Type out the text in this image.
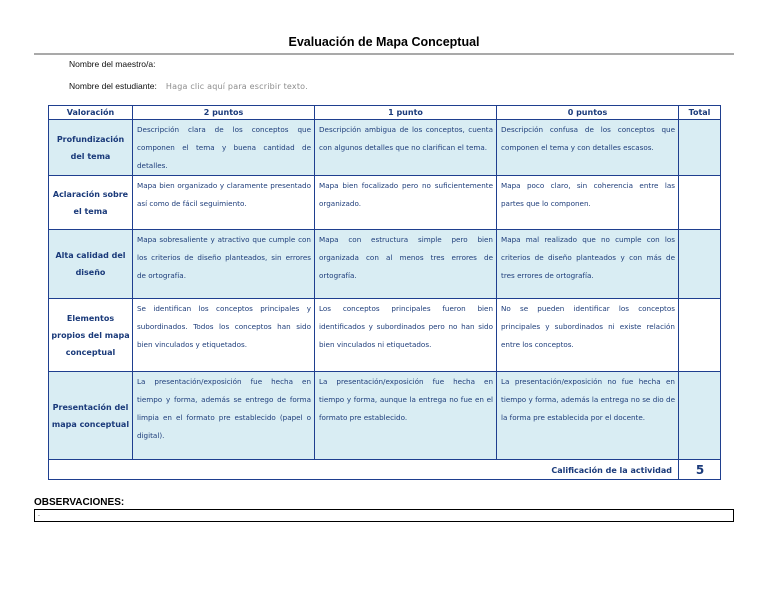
Evaluación de Mapa Conceptual
Nombre del maestro/a:
Nombre del estudiante: Haga clic aquí para escribir texto.
Valoración	2 puntos	1 punto	0 puntos	Total
Profundización del tema	Descripción clara de los conceptos que componen el tema y buena cantidad de detalles.	Descripción ambigua de los conceptos, cuenta con algunos detalles que no clarifican el tema.	Descripción confusa de los conceptos que componen el tema y con detalles escasos.	
Aclaración sobre el tema	Mapa bien organizado y claramente presentado así como de fácil seguimiento.	Mapa bien focalizado pero no suficientemente organizado.	Mapa poco claro, sin coherencia entre las partes que lo componen.	
Alta calidad del diseño	Mapa sobresaliente y atractivo que cumple con los criterios de diseño planteados, sin errores de ortografía.	Mapa con estructura simple pero bien organizada con al menos tres errores de ortografía.	Mapa mal realizado que no cumple con los criterios de diseño planteados y con más de tres errores de ortografía.	
Elementos propios del mapa conceptual	Se identifican los conceptos principales y subordinados. Todos los conceptos han sido bien vinculados y etiquetados.	Los conceptos principales fueron bien identificados y subordinados pero no han sido bien vinculados ni etiquetados.	No se pueden identificar los conceptos principales y subordinados ni existe relación entre los conceptos.	
Presentación del mapa conceptual	La presentación/exposición fue hecha en tiempo y forma, además se entrego de forma limpia en el formato pre establecido (papel o digital).	La presentación/exposición fue hecha en tiempo y forma, aunque la entrega no fue en el formato pre establecido.	La presentación/exposición no fue hecha en tiempo y forma, además la entrega no se dio de la forma pre establecida por el docente.	
Calificación de la actividad				5
OBSERVACIONES:
.
